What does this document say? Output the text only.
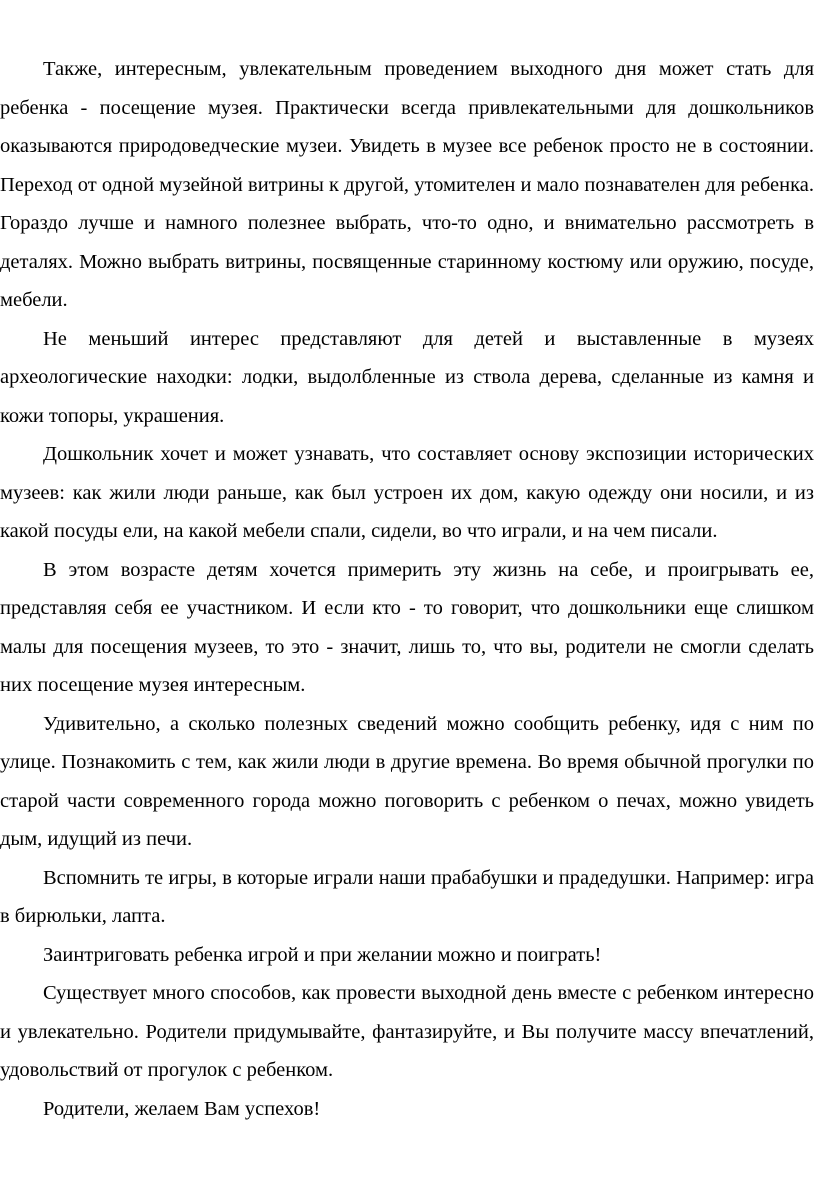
Также, интересным, увлекательным проведением выходного дня может стать для ребенка - посещение музея. Практически всегда привлекательными для дошкольников оказываются природоведческие музеи. Увидеть в музее все ребенок просто не в состоянии. Переход от одной музейной витрины к другой, утомителен и мало познавателен для ребенка. Гораздо лучше и намного полезнее выбрать, что-то одно, и внимательно рассмотреть в деталях. Можно выбрать витрины, посвященные старинному костюму или оружию, посуде, мебели.

Не меньший интерес представляют для детей и выставленные в музеях археологические находки: лодки, выдолбленные из ствола дерева, сделанные из камня и кожи топоры, украшения.

Дошкольник хочет и может узнавать, что составляет основу экспозиции исторических музеев: как жили люди раньше, как был устроен их дом, какую одежду они носили, и из какой посуды ели, на какой мебели спали, сидели, во что играли, и на чем писали.

В этом возрасте детям хочется примерить эту жизнь на себе, и проигрывать ее, представляя себя ее участником. И если кто - то говорит, что дошкольники еще слишком малы для посещения музеев, то это - значит, лишь то, что вы, родители не смогли сделать них посещение музея интересным.

Удивительно, а сколько полезных сведений можно сообщить ребенку, идя с ним по улице. Познакомить с тем, как жили люди в другие времена. Во время обычной прогулки по старой части современного города можно поговорить с ребенком о печах, можно увидеть дым, идущий из печи.

Вспомнить те игры, в которые играли наши прабабушки и прадедушки. Например: игра в бирюльки, лапта.

Заинтриговать ребенка игрой и при желании можно и поиграть!

Существует много способов, как провести выходной день вместе с ребенком интересно и увлекательно. Родители придумывайте, фантазируйте, и Вы получите массу впечатлений, удовольствий от прогулок с ребенком.

Родители, желаем Вам успехов!
